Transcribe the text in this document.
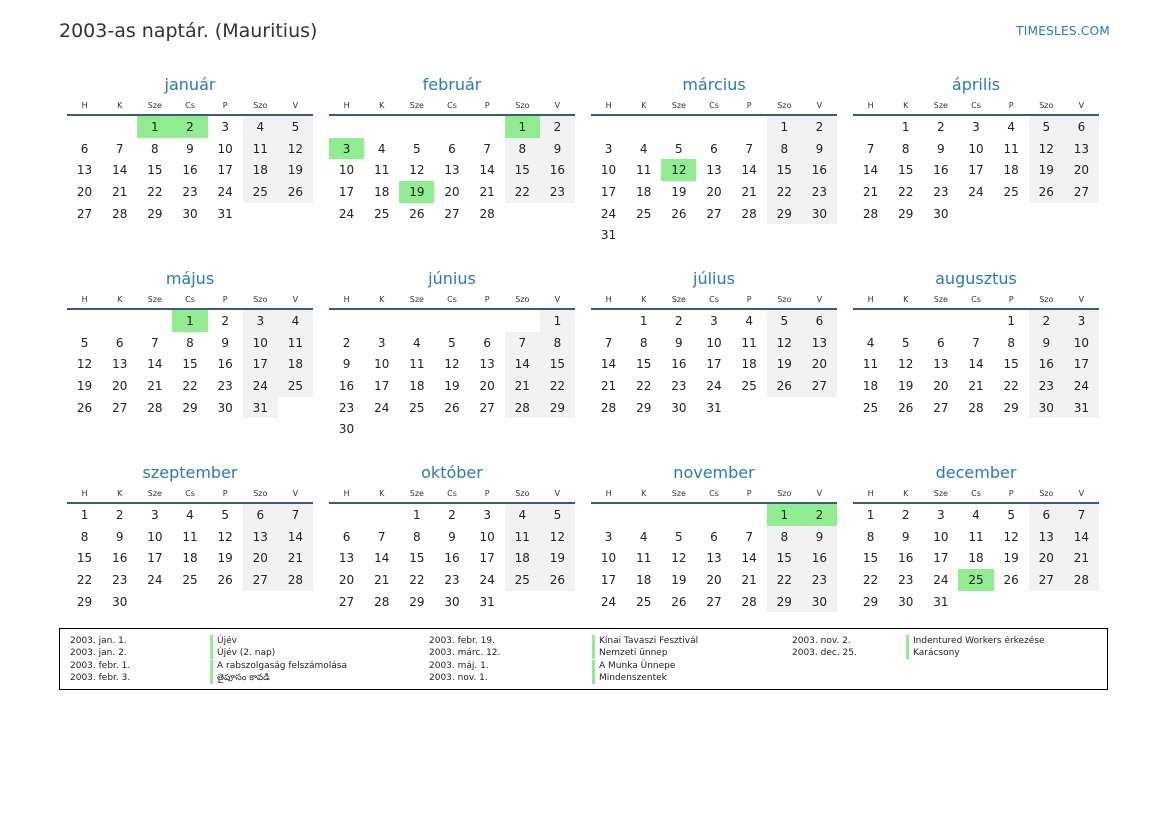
2003-as naptár. (Mauritius)	TIMESLES.COM
január
H	K	Sze	Cs	P	Szo	V
		1	2	3	4	5
6	7	8	9	10	11	12
13	14	15	16	17	18	19
20	21	22	23	24	25	26
27	28	29	30	31		
február
H	K	Sze	Cs	P	Szo	V
					1	2
3	4	5	6	7	8	9
10	11	12	13	14	15	16
17	18	19	20	21	22	23
24	25	26	27	28		
március
H	K	Sze	Cs	P	Szo	V
					1	2
3	4	5	6	7	8	9
10	11	12	13	14	15	16
17	18	19	20	21	22	23
24	25	26	27	28	29	30
31						
április
H	K	Sze	Cs	P	Szo	V
	1	2	3	4	5	6
7	8	9	10	11	12	13
14	15	16	17	18	19	20
21	22	23	24	25	26	27
28	29	30				
május
H	K	Sze	Cs	P	Szo	V
			1	2	3	4
5	6	7	8	9	10	11
12	13	14	15	16	17	18
19	20	21	22	23	24	25
26	27	28	29	30	31	
június
H	K	Sze	Cs	P	Szo	V
						1
2	3	4	5	6	7	8
9	10	11	12	13	14	15
16	17	18	19	20	21	22
23	24	25	26	27	28	29
30						
július
H	K	Sze	Cs	P	Szo	V
	1	2	3	4	5	6
7	8	9	10	11	12	13
14	15	16	17	18	19	20
21	22	23	24	25	26	27
28	29	30	31			
augusztus
H	K	Sze	Cs	P	Szo	V
				1	2	3
4	5	6	7	8	9	10
11	12	13	14	15	16	17
18	19	20	21	22	23	24
25	26	27	28	29	30	31
szeptember
H	K	Sze	Cs	P	Szo	V
1	2	3	4	5	6	7
8	9	10	11	12	13	14
15	16	17	18	19	20	21
22	23	24	25	26	27	28
29	30					
október
H	K	Sze	Cs	P	Szo	V
		1	2	3	4	5
6	7	8	9	10	11	12
13	14	15	16	17	18	19
20	21	22	23	24	25	26
27	28	29	30	31		
november
H	K	Sze	Cs	P	Szo	V
					1	2
3	4	5	6	7	8	9
10	11	12	13	14	15	16
17	18	19	20	21	22	23
24	25	26	27	28	29	30
december
H	K	Sze	Cs	P	Szo	V
1	2	3	4	5	6	7
8	9	10	11	12	13	14
15	16	17	18	19	20	21
22	23	24	25	26	27	28
29	30	31				
2003. jan. 1.	Újév
2003. jan. 2.	Újév (2. nap)
2003. febr. 1.	A rabszolgaság felszámolása
2003. febr. 3.	తైపూసం కావడి
2003. febr. 19.	Kínai Tavaszi Fesztivál
2003. márc. 12.	Nemzeti ünnep
2003. máj. 1.	A Munka Ünnepe
2003. nov. 1.	Mindenszentek
2003. nov. 2.	Indentured Workers érkezése
2003. dec. 25.	Karácsony
